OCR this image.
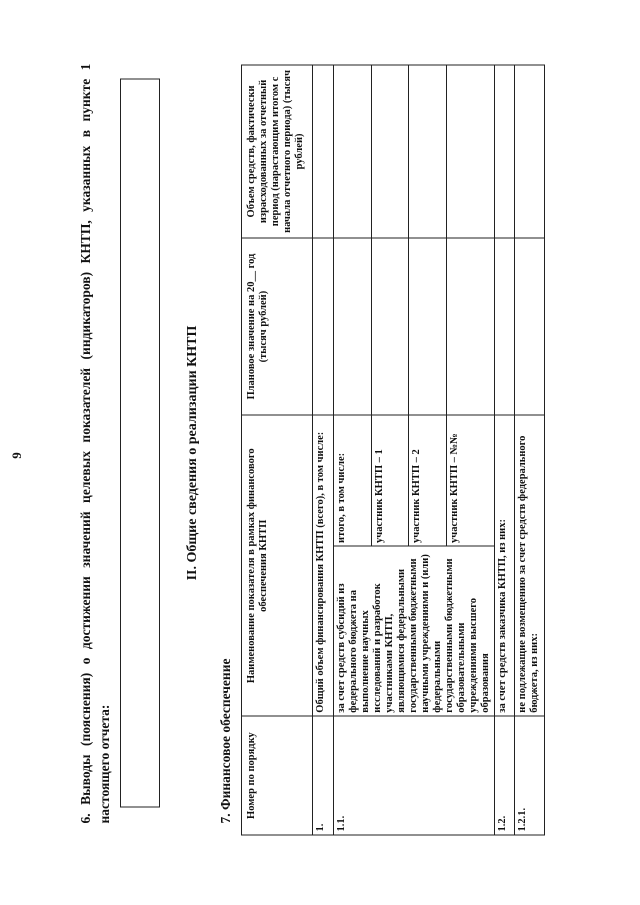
9
6.
Выводы
(пояснения)
о
достижении
значений
целевых
показателей
(индикаторов)
КНТП,
указанных
в
пункте
1
настоящего отчета:
II. Общие сведения о реализации КНТП
7. Финансовое обеспечение Номер по порядку	Наименование показателя в рамках финансового обеспечения КНТП		Плановое значение на 20__ год (тысяч рублей)	Объем средств, фактически израсходованных за отчетный период (нарастающим итогом с начала отчетного периода) (тысяч рублей)
1.	Общий объем финансирования КНТП (всего), в том числе:			
1.1.	за счет средств субсидий из федерального бюджета на выполнение научных исследований и разработок участниками КНТП, являющимися федеральными государственными бюджетными научными учреждениями и (или) федеральными государственными бюджетными образовательными учреждениями высшего образования	итого, в том числе:		
		участник КНТП – 1		
		участник КНТП – 2		
		участник КНТП – №№		
1.2.	за счет средств заказчика КНТП, из них:			
1.2.1.	не подлежащие возмещению за счет средств федерального бюджета, из них:			
